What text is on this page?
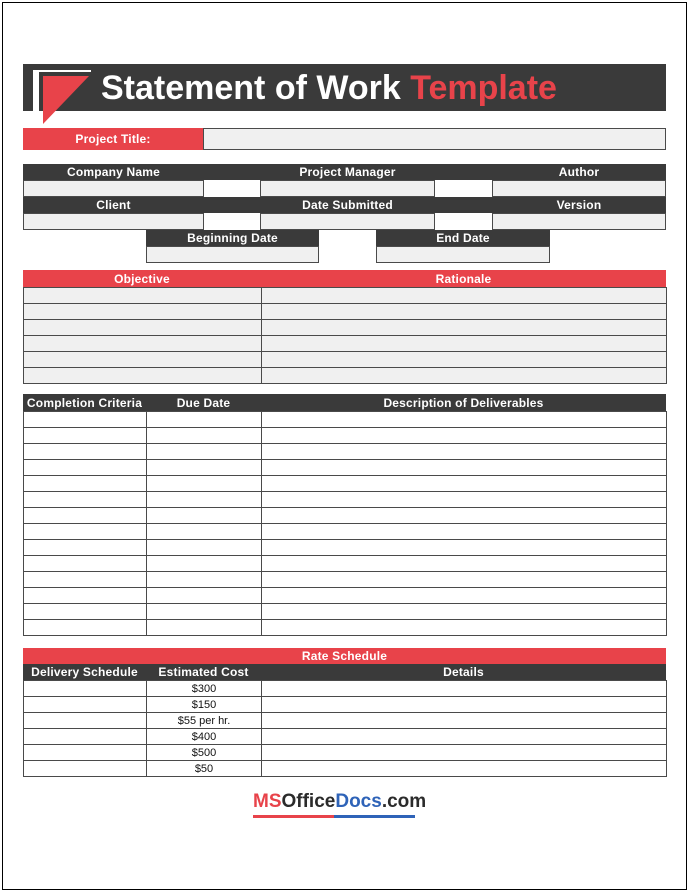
Statement of Work Template
Project Title:
Company Name	Project Manager	Author
Client	Date Submitted	Version
Beginning Date	End Date
Objective	Rationale

Completion Criteria	Due Date	Description of Deliverables

Rate Schedule
Delivery Schedule	Estimated Cost	Details
	$300	
	$150	
	$55 per hr.	
	$400	
	$500	
	$50	
MSOfficeDocs.com
